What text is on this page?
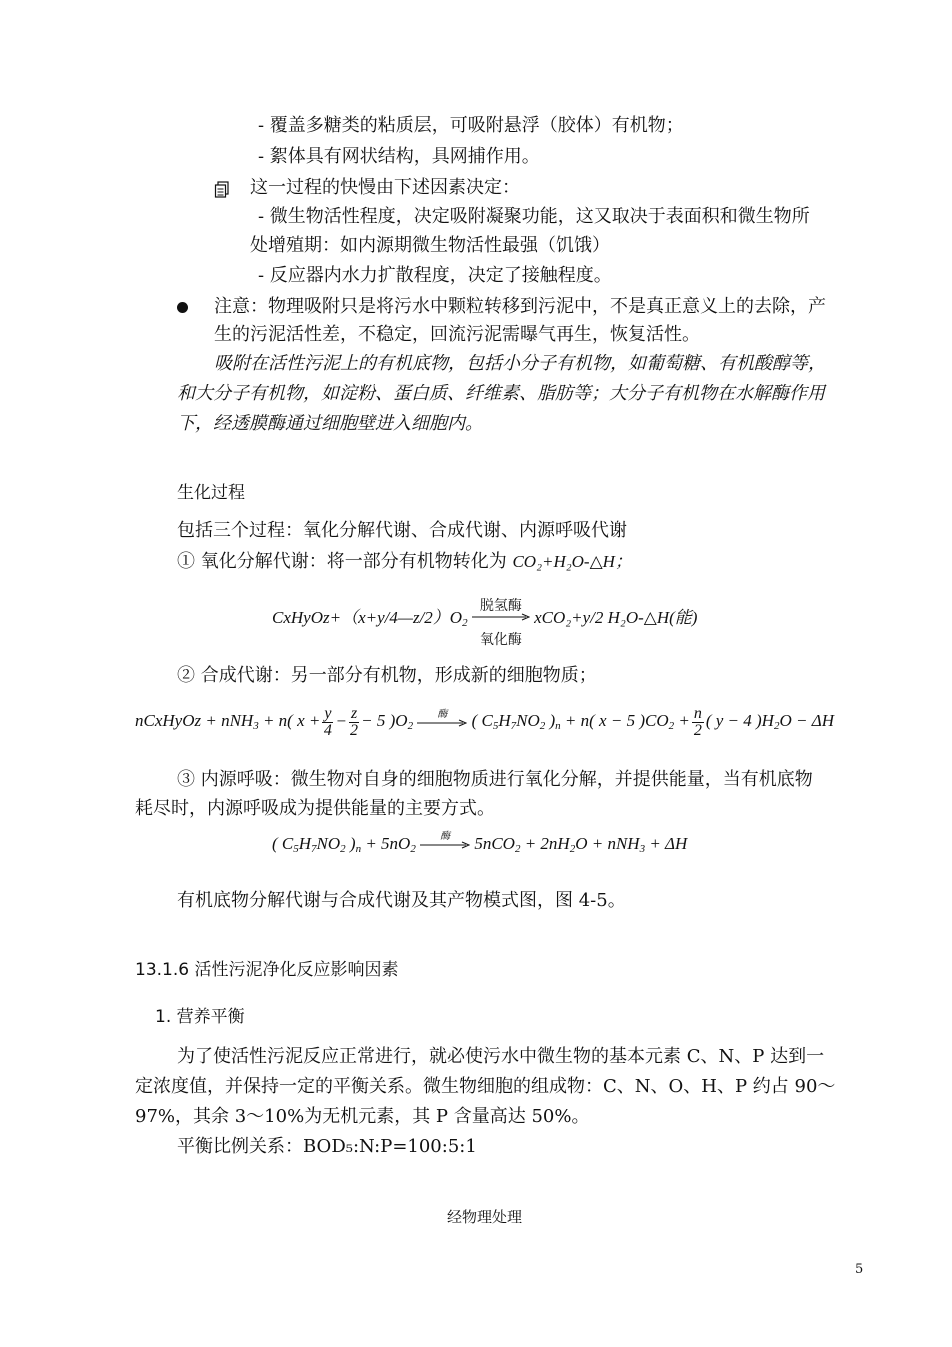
- 覆盖多糖类的粘质层，可吸附悬浮（胶体）有机物；
- 絮体具有网状结构，具网捕作用。
这一过程的快慢由下述因素决定：
- 微生物活性程度，决定吸附凝聚功能，这又取决于表面积和微生物所
处增殖期：如内源期微生物活性最强（饥饿）
- 反应器内水力扩散程度，决定了接触程度。
注意：物理吸附只是将污水中颗粒转移到污泥中，不是真正意义上的去除，产
生的污泥活性差，不稳定，回流污泥需曝气再生，恢复活性。
吸附在活性污泥上的有机底物，包括小分子有机物，如葡萄糖、有机酸醇等，
和大分子有机物，如淀粉、蛋白质、纤维素、脂肪等；大分子有机物在水解酶作用
下，经透膜酶通过细胞壁进入细胞内。
生化过程
包括三个过程：氧化分解代谢、合成代谢、内源呼吸代谢
① 氧化分解代谢：将一部分有机物转化为 CO₂+H₂O-△H；
$CxHyOz+(x+y/4—z/2)O_2$
脱氢酶
氧化酶
xCO₂+y/2 H₂O-△H(能)
② 合成代谢：另一部分有机物，形成新的细胞物质；
nCxHyOz + nNH$_3$ + n( $x + \frac{y}{4} - \frac{z}{2} - 5$ )$O_2$
酶	( $C_5H_7NO_2$ )$_n + n$( x − 5 )$CO_2 + \frac{n}{2}$ ( y − 4 )$H_2O - \Delta H$
③ 内源呼吸：微生物对自身的细胞物质进行氧化分解，并提供能量，当有机底物
耗尽时，内源呼吸成为提供能量的主要方式。
( $C_5H_7NO_2$ )$_n + 5nO_2$
酶	$5nCO_2 + 2nH_2O + nNH_3 + \Delta H$
有机底物分解代谢与合成代谢及其产物模式图，图 4-5。
13.1.6 活性污泥净化反应影响因素
1. 营养平衡
为了使活性污泥反应正常进行，就必使污水中微生物的基本元素 C、N、P 达到一
定浓度值，并保持一定的平衡关系。微生物细胞的组成物：C、N、O、H、P 约占 90～
97%，其余 3～10%为无机元素，其 P 含量高达 50%。
平衡比例关系：BOD₅:N:P=100:5:1
经物理处理
5
